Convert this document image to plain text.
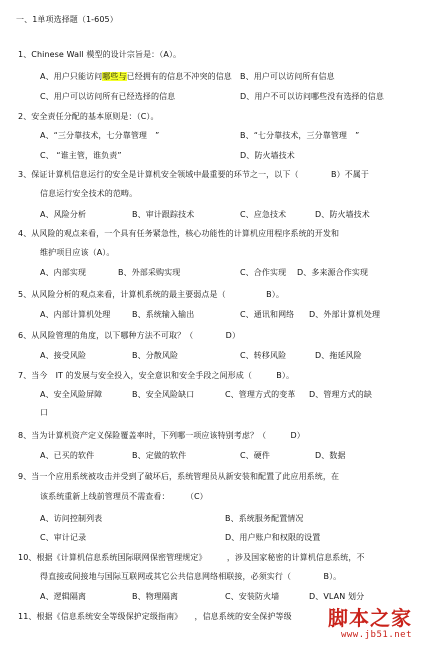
一、1单项选择题（1-605）
1、Chinese Wall 模型的设计宗旨是：（A）。
A、用户只能访问哪些与已经拥有的信息不冲突的信息 B、用户可以访问所有信息
C、用户可以访问所有已经选择的信息	D、用户不可以访问哪些没有选择的信息
2、安全责任分配的基本原则是：（C）。
A、“三分靠技术，七分靠管理　”	B、“七分靠技术，三分靠管理　”
C、 “谁主管，谁负责”	D、防火墙技术
3、保证计算机信息运行的安全是计算机安全领域中最重要的环节之一，以下（　　　　B）不属于
信息运行安全技术的范畴。
A、风险分析	B、审计跟踪技术	C、应急技术	D、防火墙技术
4、从风险的观点来看，一个具有任务紧急性，核心功能性的计算机应用程序系统的开发和
维护项目应该（A）。
A、内部实现	B、外部采购实现	C、合作实现 D、多来源合作实现
5、从风险分析的观点来看，计算机系统的最主要弱点是（　　　　　B）。
A、内部计算机处理	B、系统输入输出	C、通讯和网络 D、外部计算机处理
6、从风险管理的角度，以下哪种方法不可取？（　　　　D）
A、接受风险	B、分散风险	C、转移风险	D、拖延风险
7、当今　IT 的发展与安全投入，安全意识和安全手段之间形成（　　　B）。
A、安全风险屏障	B、安全风险缺口	C、管理方式的变革 D、管理方式的缺
口
8、当为计算机资产定义保险覆盖率时，下列哪一项应该特别考虑？（　　　D）
A、已买的软件	B、定做的软件	C、硬件	D、数据
9、当一个应用系统被攻击并受到了破坏后，系统管理员从新安装和配置了此应用系统，在
该系统重新上线前管理员不需查看：　　　（C）
A、访问控制列表	B、系统服务配置情况
C、审计记录	D、用户账户和权限的设置
10、根据《计算机信息系统国际联网保密管理规定》　　　，涉及国家秘密的计算机信息系统，不
得直接或间接地与国际互联网或其它公共信息网络相联接，必须实行（　　　　B）。
A、逻辑隔离	B、物理隔离	C、安装防火墙	D、VLAN 划分
11、根据《信息系统安全等级保护定级指南》　　，信息系统的安全保护等级 脚本之家
www.jb51.net
